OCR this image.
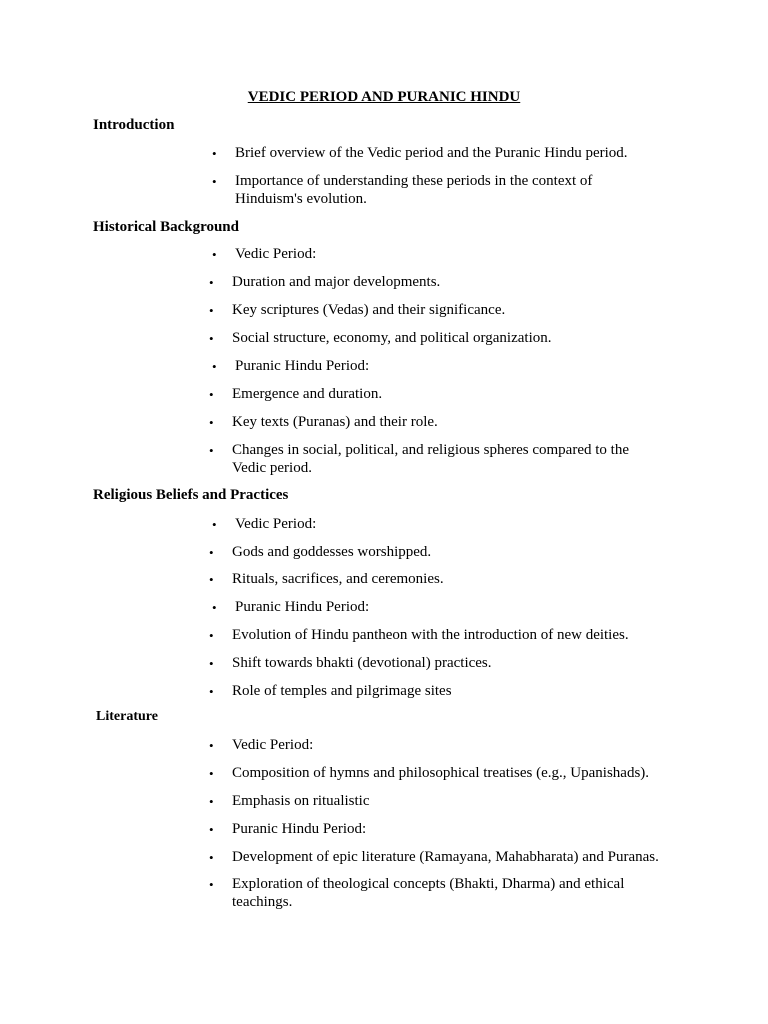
VEDIC PERIOD AND PURANIC HINDU
Introduction
• Brief overview of the Vedic period and the Puranic Hindu period.
• Importance of understanding these periods in the context of Hinduism's evolution.
Historical Background
• Vedic Period:
• Duration and major developments.
• Key scriptures (Vedas) and their significance.
• Social structure, economy, and political organization.
• Puranic Hindu Period:
• Emergence and duration.
• Key texts (Puranas) and their role.
• Changes in social, political, and religious spheres compared to the Vedic period.
Religious Beliefs and Practices
• Vedic Period:
• Gods and goddesses worshipped.
• Rituals, sacrifices, and ceremonies.
• Puranic Hindu Period:
• Evolution of Hindu pantheon with the introduction of new deities.
• Shift towards bhakti (devotional) practices.
• Role of temples and pilgrimage sites
Literature
• Vedic Period:
• Composition of hymns and philosophical treatises (e.g., Upanishads).
• Emphasis on ritualistic
• Puranic Hindu Period:
• Development of epic literature (Ramayana, Mahabharata) and Puranas.
• Exploration of theological concepts (Bhakti, Dharma) and ethical teachings.
